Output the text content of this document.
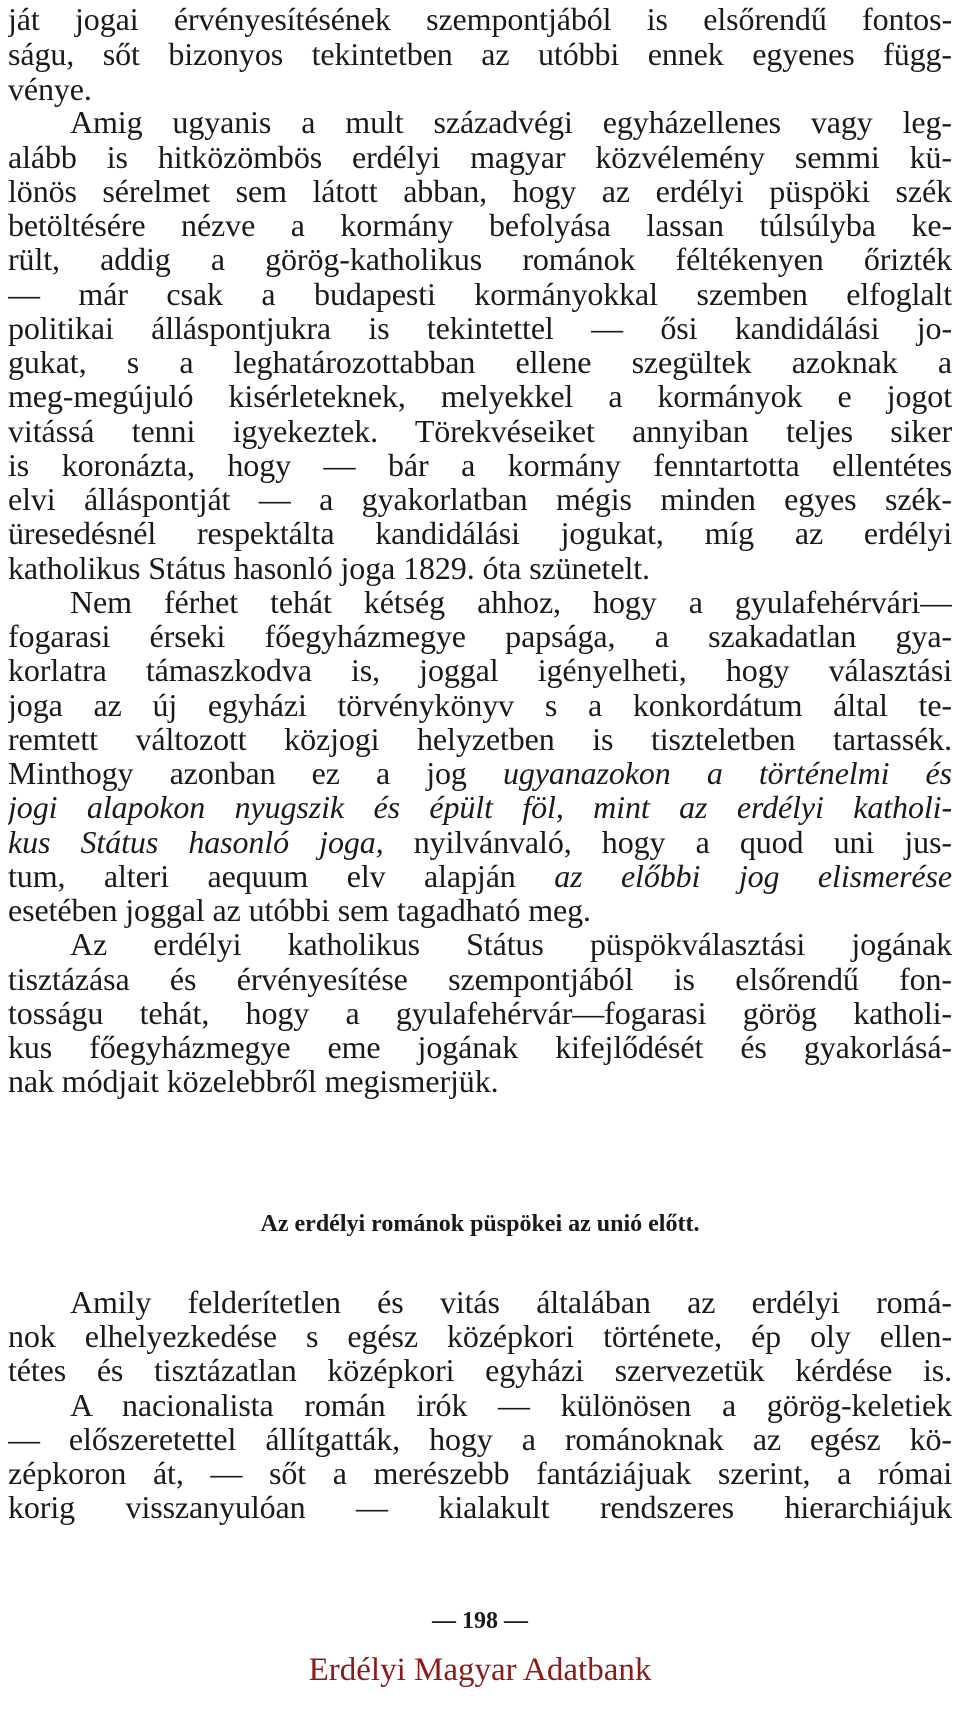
ját jogai érvényesítésének szempontjából is elsőrendű fontos-
ságu, sőt bizonyos tekintetben az utóbbi ennek egyenes függ-
vénye.
Amig ugyanis a mult századvégi egyházellenes vagy leg-
alább is hitközömbös erdélyi magyar közvélemény semmi kü-
lönös sérelmet sem látott abban, hogy az erdélyi püspöki szék
betöltésére nézve a kormány befolyása lassan túlsúlyba ke-
rült, addig a görög-katholikus románok féltékenyen őrizték
— már csak a budapesti kormányokkal szemben elfoglalt
politikai álláspontjukra is tekintettel — ősi kandidálási jo-
gukat, s a leghatározottabban ellene szegültek azoknak a
meg-megújuló kisérleteknek, melyekkel a kormányok e jogot
vitássá tenni igyekeztek. Törekvéseiket annyiban teljes siker
is koronázta, hogy — bár a kormány fenntartotta ellentétes
elvi álláspontját — a gyakorlatban mégis minden egyes szék-
üresedésnél respektálta kandidálási jogukat, míg az erdélyi
katholikus Státus hasonló joga 1829. óta szünetelt.
Nem férhet tehát kétség ahhoz, hogy a gyulafehérvári—
fogarasi érseki főegyházmegye papsága, a szakadatlan gya-
korlatra támaszkodva is, joggal igényelheti, hogy választási
joga az új egyházi törvénykönyv s a konkordátum által te-
remtett változott közjogi helyzetben is tiszteletben tartassék.
Minthogy azonban ez a jog ugyanazokon a történelmi és
jogi alapokon nyugszik és épült föl, mint az erdélyi katholi-
kus Státus hasonló joga, nyilvánvaló, hogy a quod uni jus-
tum, alteri aequum elv alapján az előbbi jog elismerése
esetében joggal az utóbbi sem tagadható meg.
Az erdélyi katholikus Státus püspökválasztási jogának
tisztázása és érvényesítése szempontjából is elsőrendű fon-
tosságu tehát, hogy a gyulafehérvár—fogarasi görög katholi-
kus főegyházmegye eme jogának kifejlődését és gyakorlásá-
nak módjait közelebbről megismerjük.
Az erdélyi románok püspökei az unió előtt.
Amily felderítetlen és vitás általában az erdélyi romá-
nok elhelyezkedése s egész középkori története, ép oly ellen-
tétes és tisztázatlan középkori egyházi szervezetük kérdése is.
A nacionalista román irók — különösen a görög-keletiek
— előszeretettel állítgatták, hogy a románoknak az egész kö-
zépkoron át, — sőt a merészebb fantáziájuak szerint, a római
korig visszanyulóan — kialakult rendszeres hierarchiájuk
— 198 —
Erdélyi Magyar Adatbank
